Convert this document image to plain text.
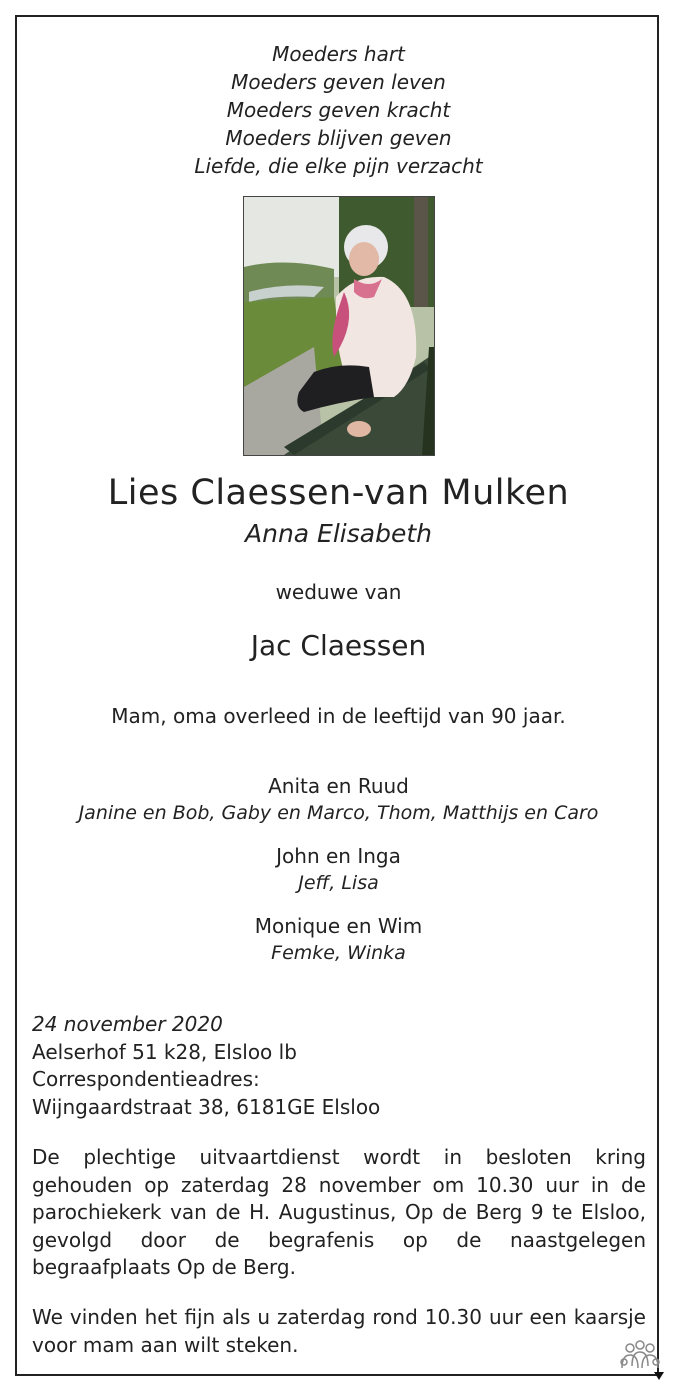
Moeders hart
Moeders geven leven
Moeders geven kracht
Moeders blijven geven
Liefde, die elke pijn verzacht
Lies Claessen-van Mulken
Anna Elisabeth
weduwe van
Jac Claessen
Mam, oma overleed in de leeftijd van 90 jaar.
Anita en Ruud
Janine en Bob, Gaby en Marco, Thom, Matthijs en Caro
John en Inga
Jeff, Lisa
Monique en Wim
Femke, Winka
24 november 2020
Aelserhof 51 k28, Elsloo lb
Correspondentieadres:
Wijngaardstraat 38, 6181GE Elsloo
De plechtige uitvaartdienst wordt in besloten kring gehouden op zaterdag 28 november om 10.30 uur in de parochiekerk van de H. Augustinus, Op de Berg 9 te Elsloo, gevolgd door de begrafenis op de naastgelegen begraafplaats Op de Berg.
We vinden het fijn als u zaterdag rond 10.30 uur een kaarsje voor mam aan wilt steken.
